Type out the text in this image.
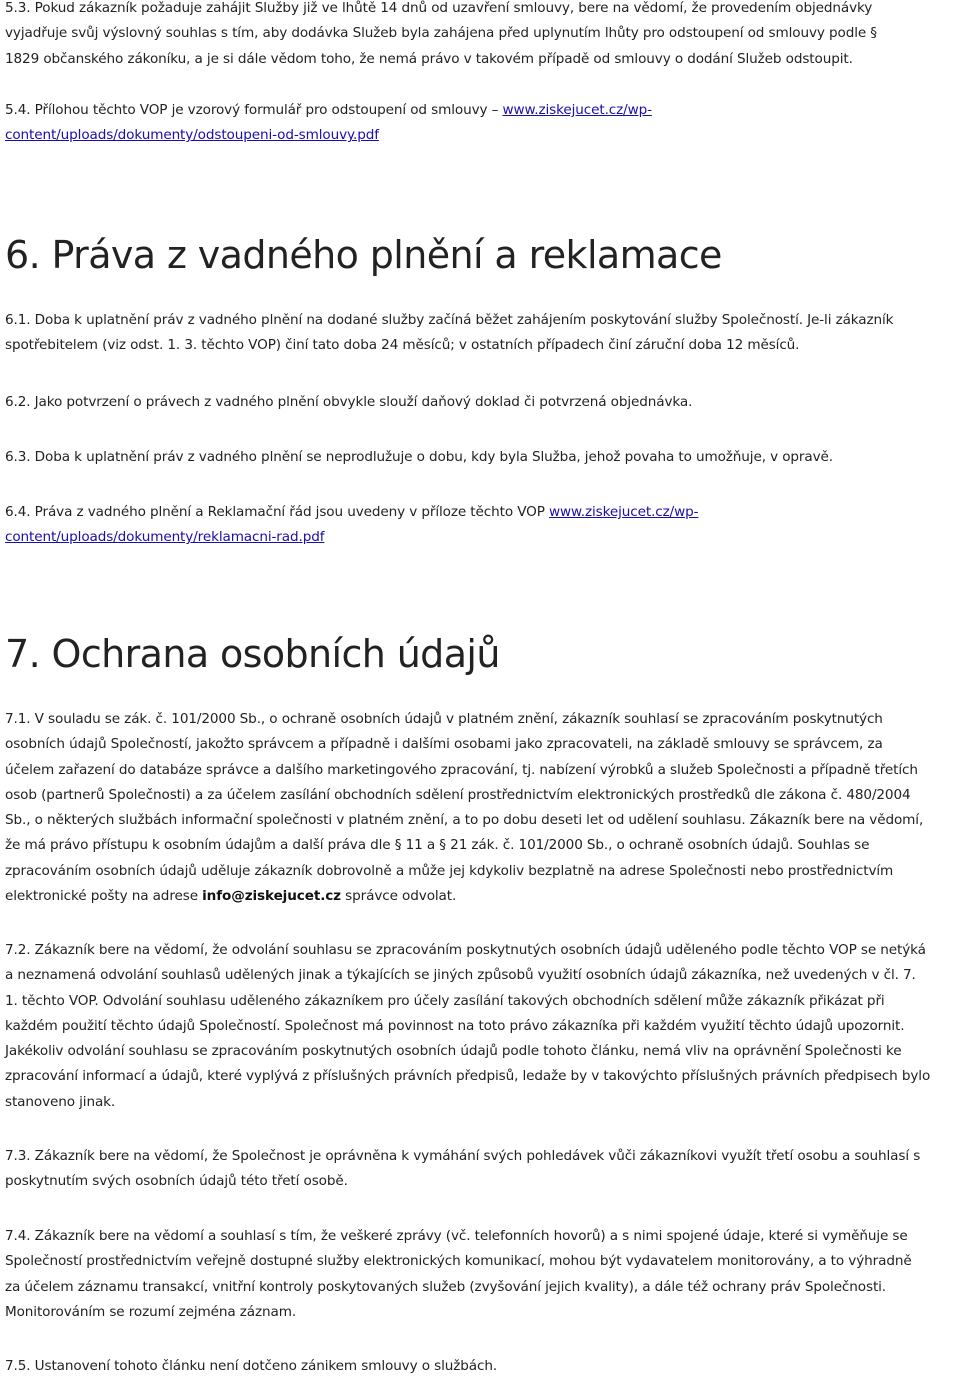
5.3. Pokud zákazník požaduje zahájit Služby již ve lhůtě 14 dnů od uzavření smlouvy, bere na vědomí, že provedením objednávky
vyjadřuje svůj výslovný souhlas s tím, aby dodávka Služeb byla zahájena před uplynutím lhůty pro odstoupení od smlouvy podle §
1829 občanského zákoníku, a je si dále vědom toho, že nemá právo v takovém případě od smlouvy o dodání Služeb odstoupit.
5.4. Přílohou těchto VOP je vzorový formulář pro odstoupení od smlouvy – www.ziskejucet.cz/wp-
content/uploads/dokumenty/odstoupeni-od-smlouvy.pdf
6. Práva z vadného plnění a reklamace
6.1. Doba k uplatnění práv z vadného plnění na dodané služby začíná běžet zahájením poskytování služby Společností. Je-li zákazník
spotřebitelem (viz odst. 1. 3. těchto VOP) činí tato doba 24 měsíců; v ostatních případech činí záruční doba 12 měsíců.
6.2. Jako potvrzení o právech z vadného plnění obvykle slouží daňový doklad či potvrzená objednávka.
6.3. Doba k uplatnění práv z vadného plnění se neprodlužuje o dobu, kdy byla Služba, jehož povaha to umožňuje, v opravě.
6.4. Práva z vadného plnění a Reklamační řád jsou uvedeny v příloze těchto VOP www.ziskejucet.cz/wp-
content/uploads/dokumenty/reklamacni-rad.pdf
7. Ochrana osobních údajů
7.1. V souladu se zák. č. 101/2000 Sb., o ochraně osobních údajů v platném znění, zákazník souhlasí se zpracováním poskytnutých
osobních údajů Společností, jakožto správcem a případně i dalšími osobami jako zpracovateli, na základě smlouvy se správcem, za
účelem zařazení do databáze správce a dalšího marketingového zpracování, tj. nabízení výrobků a služeb Společnosti a případně třetích
osob (partnerů Společnosti) a za účelem zasílání obchodních sdělení prostřednictvím elektronických prostředků dle zákona č. 480/2004
Sb., o některých službách informační společnosti v platném znění, a to po dobu deseti let od udělení souhlasu. Zákazník bere na vědomí,
že má právo přístupu k osobním údajům a další práva dle § 11 a § 21 zák. č. 101/2000 Sb., o ochraně osobních údajů. Souhlas se
zpracováním osobních údajů uděluje zákazník dobrovolně a může jej kdykoliv bezplatně na adrese Společnosti nebo prostřednictvím
elektronické pošty na adrese info@ziskejucet.cz správce odvolat.
7.2. Zákazník bere na vědomí, že odvolání souhlasu se zpracováním poskytnutých osobních údajů uděleného podle těchto VOP se netýká
a neznamená odvolání souhlasů udělených jinak a týkajících se jiných způsobů využití osobních údajů zákazníka, než uvedených v čl. 7.
1. těchto VOP. Odvolání souhlasu uděleného zákazníkem pro účely zasílání takových obchodních sdělení může zákazník přikázat při
každém použití těchto údajů Společností. Společnost má povinnost na toto právo zákazníka při každém využití těchto údajů upozornit.
Jakékoliv odvolání souhlasu se zpracováním poskytnutých osobních údajů podle tohoto článku, nemá vliv na oprávnění Společnosti ke
zpracování informací a údajů, které vyplývá z příslušných právních předpisů, ledaže by v takovýchto příslušných právních předpisech bylo
stanoveno jinak.
7.3. Zákazník bere na vědomí, že Společnost je oprávněna k vymáhání svých pohledávek vůči zákazníkovi využít třetí osobu a souhlasí s
poskytnutím svých osobních údajů této třetí osobě.
7.4. Zákazník bere na vědomí a souhlasí s tím, že veškeré zprávy (vč. telefonních hovorů) a s nimi spojené údaje, které si vyměňuje se
Společností prostřednictvím veřejně dostupné služby elektronických komunikací, mohou být vydavatelem monitorovány, a to výhradně
za účelem záznamu transakcí, vnitřní kontroly poskytovaných služeb (zvyšování jejich kvality), a dále též ochrany práv Společnosti.
Monitorováním se rozumí zejména záznam.
7.5. Ustanovení tohoto článku není dotčeno zánikem smlouvy o službách.
